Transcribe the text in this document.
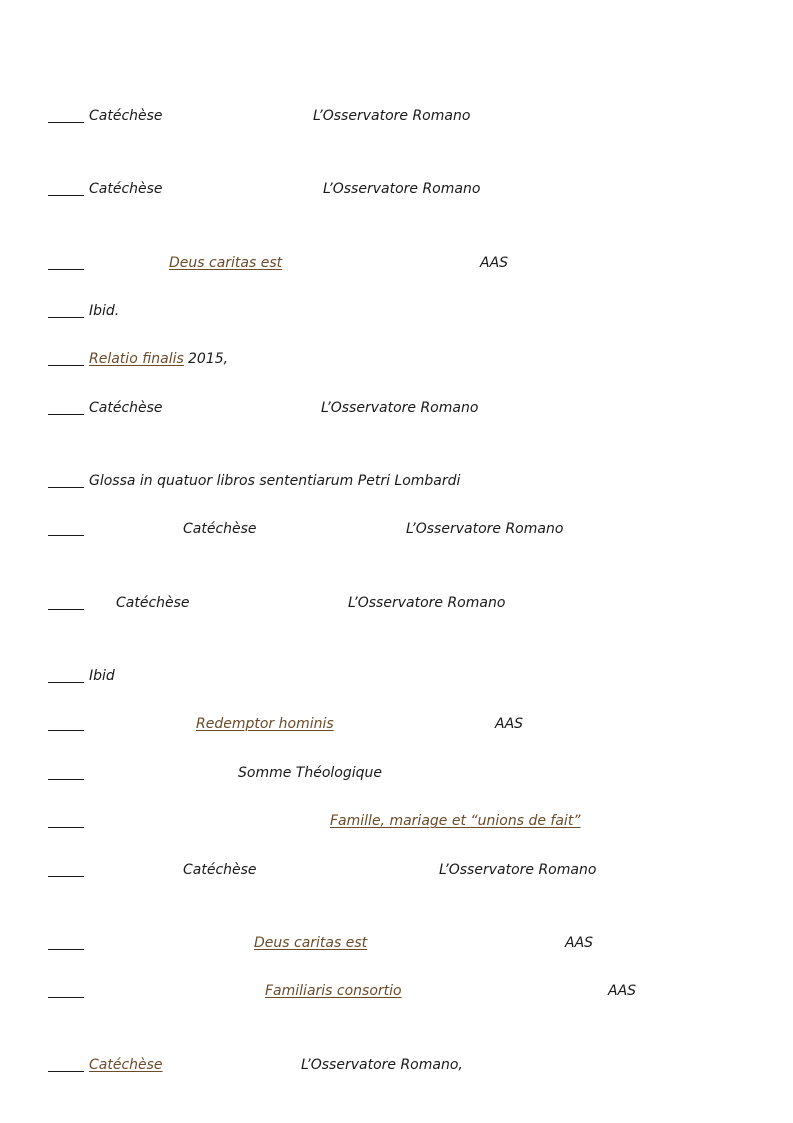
Catéchèse	L’Osservatore Romano
Catéchèse	L’Osservatore Romano
Deus caritas est	AAS
Ibid.
Relatio finalis 2015,
Catéchèse	L’Osservatore Romano
Glossa in quatuor libros sententiarum Petri Lombardi
Catéchèse	L’Osservatore Romano
Catéchèse	L’Osservatore Romano
Ibid
Redemptor hominis	AAS
Somme Théologique
Famille, mariage et “unions de fait”
Catéchèse	L’Osservatore Romano
Deus caritas est	AAS
Familiaris consortio	AAS
Catéchèse	L’Osservatore Romano,
